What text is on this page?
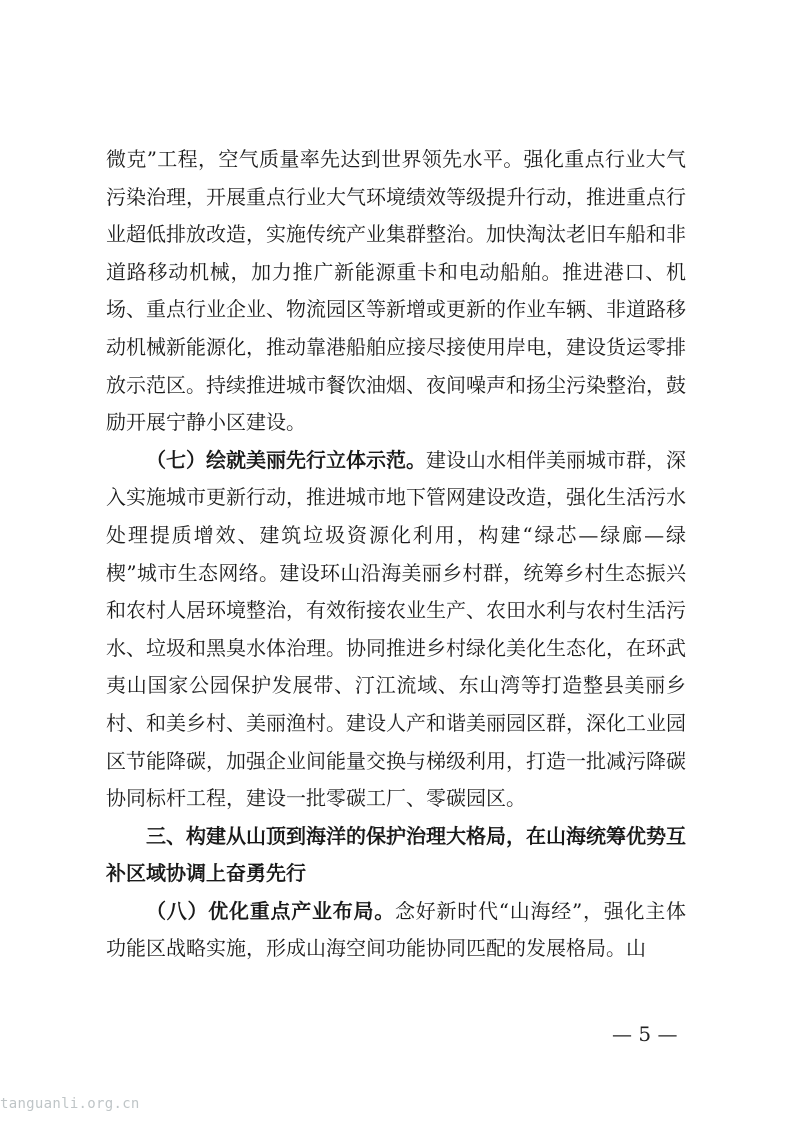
微克”工程，空气质量率先达到世界领先水平。强化重点行业大气污染治理，开展重点行业大气环境绩效等级提升行动，推进重点行业超低排放改造，实施传统产业集群整治。加快淘汰老旧车船和非道路移动机械，加力推广新能源重卡和电动船舶。推进港口、机场、重点行业企业、物流园区等新增或更新的作业车辆、非道路移动机械新能源化，推动靠港船舶应接尽接使用岸电，建设货运零排放示范区。持续推进城市餐饮油烟、夜间噪声和扬尘污染整治，鼓励开展宁静小区建设。

（七）绘就美丽先行立体示范。建设山水相伴美丽城市群，深入实施城市更新行动，推进城市地下管网建设改造，强化生活污水处理提质增效、建筑垃圾资源化利用，构建“绿芯—绿廊—绿楔”城市生态网络。建设环山沿海美丽乡村群，统筹乡村生态振兴和农村人居环境整治，有效衔接农业生产、农田水利与农村生活污水、垃圾和黑臭水体治理。协同推进乡村绿化美化生态化，在环武夷山国家公园保护发展带、汀江流域、东山湾等打造整县美丽乡村、和美乡村、美丽渔村。建设人产和谐美丽园区群，深化工业园区节能降碳，加强企业间能量交换与梯级利用，打造一批减污降碳协同标杆工程，建设一批零碳工厂、零碳园区。

三、构建从山顶到海洋的保护治理大格局，在山海统筹优势互补区域协调上奋勇先行

（八）优化重点产业布局。念好新时代“山海经”，强化主体功能区战略实施，形成山海空间功能协同匹配的发展格局。山

— 5 —
tanguanli.org.cn
